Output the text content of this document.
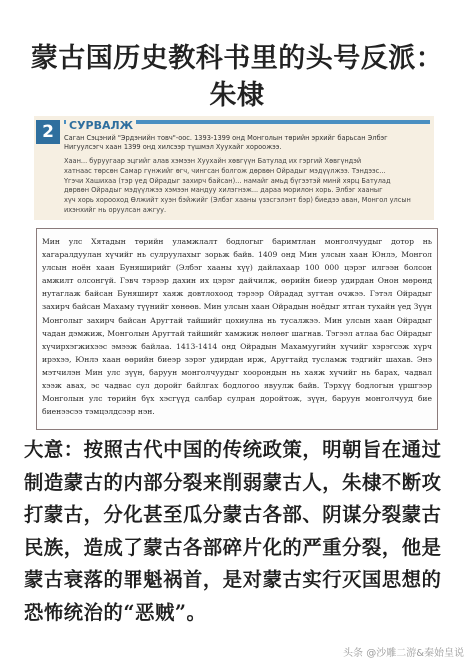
蒙古国历史教科书里的头号反派：
朱棣
2	СУРВАЛЖ
Саган Сэцэний "Эрдэнийн товч"-оос. 1393-1399 онд Монголын төрийн эрхийг барьсан Элбэг Нигуулсэгч хаан 1399 онд хилсээр түшмэл Хуухайг хороожээ.
Хаан... буруугаар эцгийг алав хэмээн Хуухайн хөвгүүн Батулад их гэргий Хөвгүндэй
хатнаас төрсөн Самар гүнжийг өгч, чингсан болгож дөрвөн Ойрадыг мэдүүлжээ. Тэндээс...
Үгэчи Хашихаа (тэр үед Ойрадыг захирч байсан)... намайг амьд бүгээтэй минй хярц Батулад
дөрвөн Ойрадыг мэдүүлжээ хэмээн мандуу хилэгнэж... дараа морилон хорь. Элбэг хааныг
хүч хорь хорооход Өлжийт хуэн бэйжийг (Элбэг хааны үзэсгэлэнт бэр) биедээ аван, Монгол улсын
ихэнхийг нь оруулсан ажгуу.
Мин улс Хятадын төрийн уламжлалт бодлогыг баримтлан монголчуудыг дотор нь хагаралдуулан хүчийг нь сулруулахыг зорьж байв. 1409 онд Мин улсын хаан Юнлэ, Монгол улсын ноён хаан Буняширийг (Элбэг хааны хүү) дайлахаар 100 000 цэрэг илгээн болсон амжилт олсонгүй. Гэвч тэрээр дахин их цэрэг дайчилж, өөрийн биеэр удирдан Онон мөрөнд нутаглаж байсан Буняширт хаяж довтлохоод тэрээр Ойрадад зугтан очжээ. Гэтэл Ойрадыг захирч байсан Махаму түүнийг хөнөөв. Мин улсын хаан Ойрадын ноёдыг ятган тухайн үед Зүүн Монголыг захирч байсан Аругтай тайшийг цохиулна нь тусалжээ. Мин улсын хаан Ойрадыг чадан дэмжиж, Монголын Аругтай тайшийг хамжиж нөлөөг шагнав. Тэгээл атлаа бас Ойрадыг хүчирхэгжихээс эмээж байлаа. 1413-1414 онд Ойрадын Махамуугийн хүчийг хэрэгсэж хүрч ирэхээ, Юнлэ хаан өөрийн биеэр зэрэг удирдан ирж, Аругтайд тусламж тэдгийг шахав. Энэ мэтчилэн Мин улс зүүн, баруун монголчуудыг хоорондын нь хаяж хүчийг нь барах, чадвал хээж авах, эс чадвас сул доройг байлгах бодлогоо явуулж байв. Тэрхүү бодлогын үршгээр Монголын улс төрийн бүх хэсгүүд салбар сулран доройтож, зүүн, баруун монголчууд бие биенээсээ тэмцэлдсээр нэн.
大意：按照古代中国的传统政策，明朝旨在通过制造蒙古的内部分裂来削弱蒙古人，朱棣不断攻打蒙古，分化甚至瓜分蒙古各部、阴谋分裂蒙古民族，造成了蒙古各部碎片化的严重分裂，他是蒙古衰落的罪魁祸首，是对蒙古实行灭国思想的恐怖统治的“恶贼”。
头条 @沙雕二游&秦始皇说
